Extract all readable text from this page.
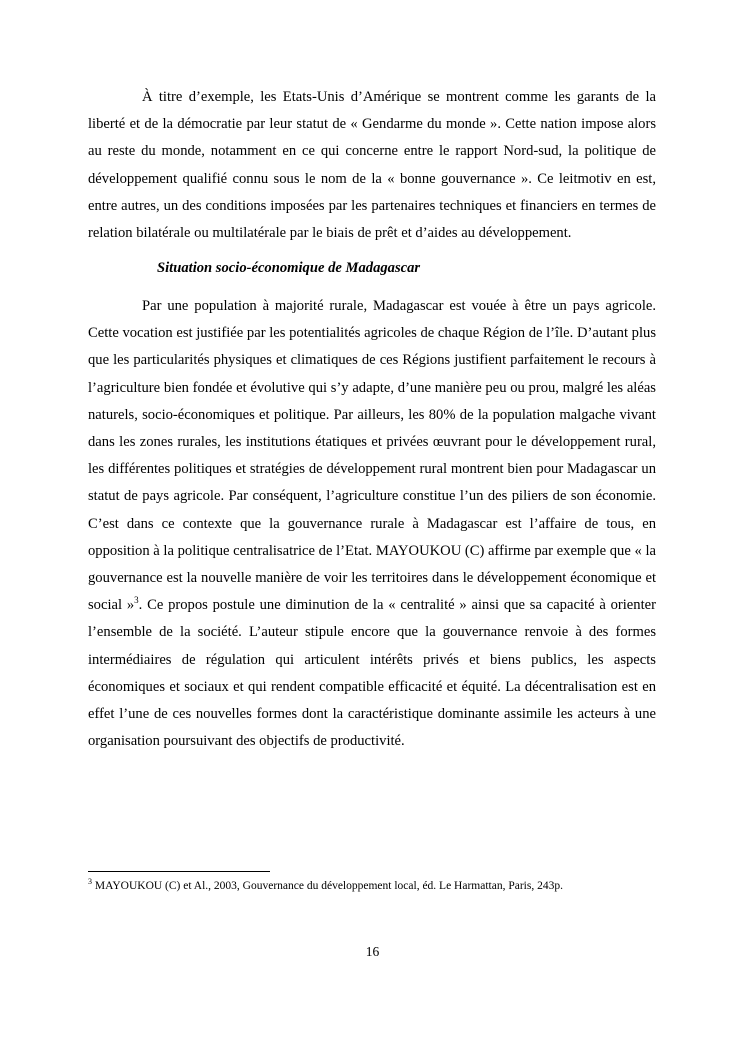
À titre d’exemple, les Etats-Unis d’Amérique se montrent comme les garants de la liberté et de la démocratie par leur statut de « Gendarme du monde ». Cette nation impose alors au reste du monde, notamment en ce qui concerne entre le rapport Nord-sud, la politique de développement qualifié connu sous le nom de la « bonne gouvernance ». Ce leitmotiv en est, entre autres, un des conditions imposées par les partenaires techniques et financiers en termes de relation bilatérale ou multilatérale par le biais de prêt et d’aides au développement.

Situation socio-économique de Madagascar

Par une population à majorité rurale, Madagascar est vouée à être un pays agricole. Cette vocation est justifiée par les potentialités agricoles de chaque Région de l’île. D’autant plus que les particularités physiques et climatiques de ces Régions justifient parfaitement le recours à l’agriculture bien fondée et évolutive qui s’y adapte, d’une manière peu ou prou, malgré les aléas naturels, socio-économiques et politique. Par ailleurs, les 80% de la population malgache vivant dans les zones rurales, les institutions étatiques et privées œuvrant pour le développement rural, les différentes politiques et stratégies de développement rural montrent bien pour Madagascar un statut de pays agricole. Par conséquent, l’agriculture constitue l’un des piliers de son économie. C’est dans ce contexte que la gouvernance rurale à Madagascar est l’affaire de tous, en opposition à la politique centralisatrice de l’Etat. MAYOUKOU (C) affirme par exemple que « la gouvernance est la nouvelle manière de voir les territoires dans le développement économique et social »$^3$. Ce propos postule une diminution de la « centralité » ainsi que sa capacité à orienter l’ensemble de la société. L’auteur stipule encore que la gouvernance renvoie à des formes intermédiaires de régulation qui articulent intérêts privés et biens publics, les aspects économiques et sociaux et qui rendent compatible efficacité et équité. La décentralisation est en effet l’une de ces nouvelles formes dont la caractéristique dominante assimile les acteurs à une organisation poursuivant des objectifs de productivité.

$^3$ MAYOUKOU (C) et Al., 2003, Gouvernance du développement local, éd. Le Harmattan, Paris, 243p.

16
